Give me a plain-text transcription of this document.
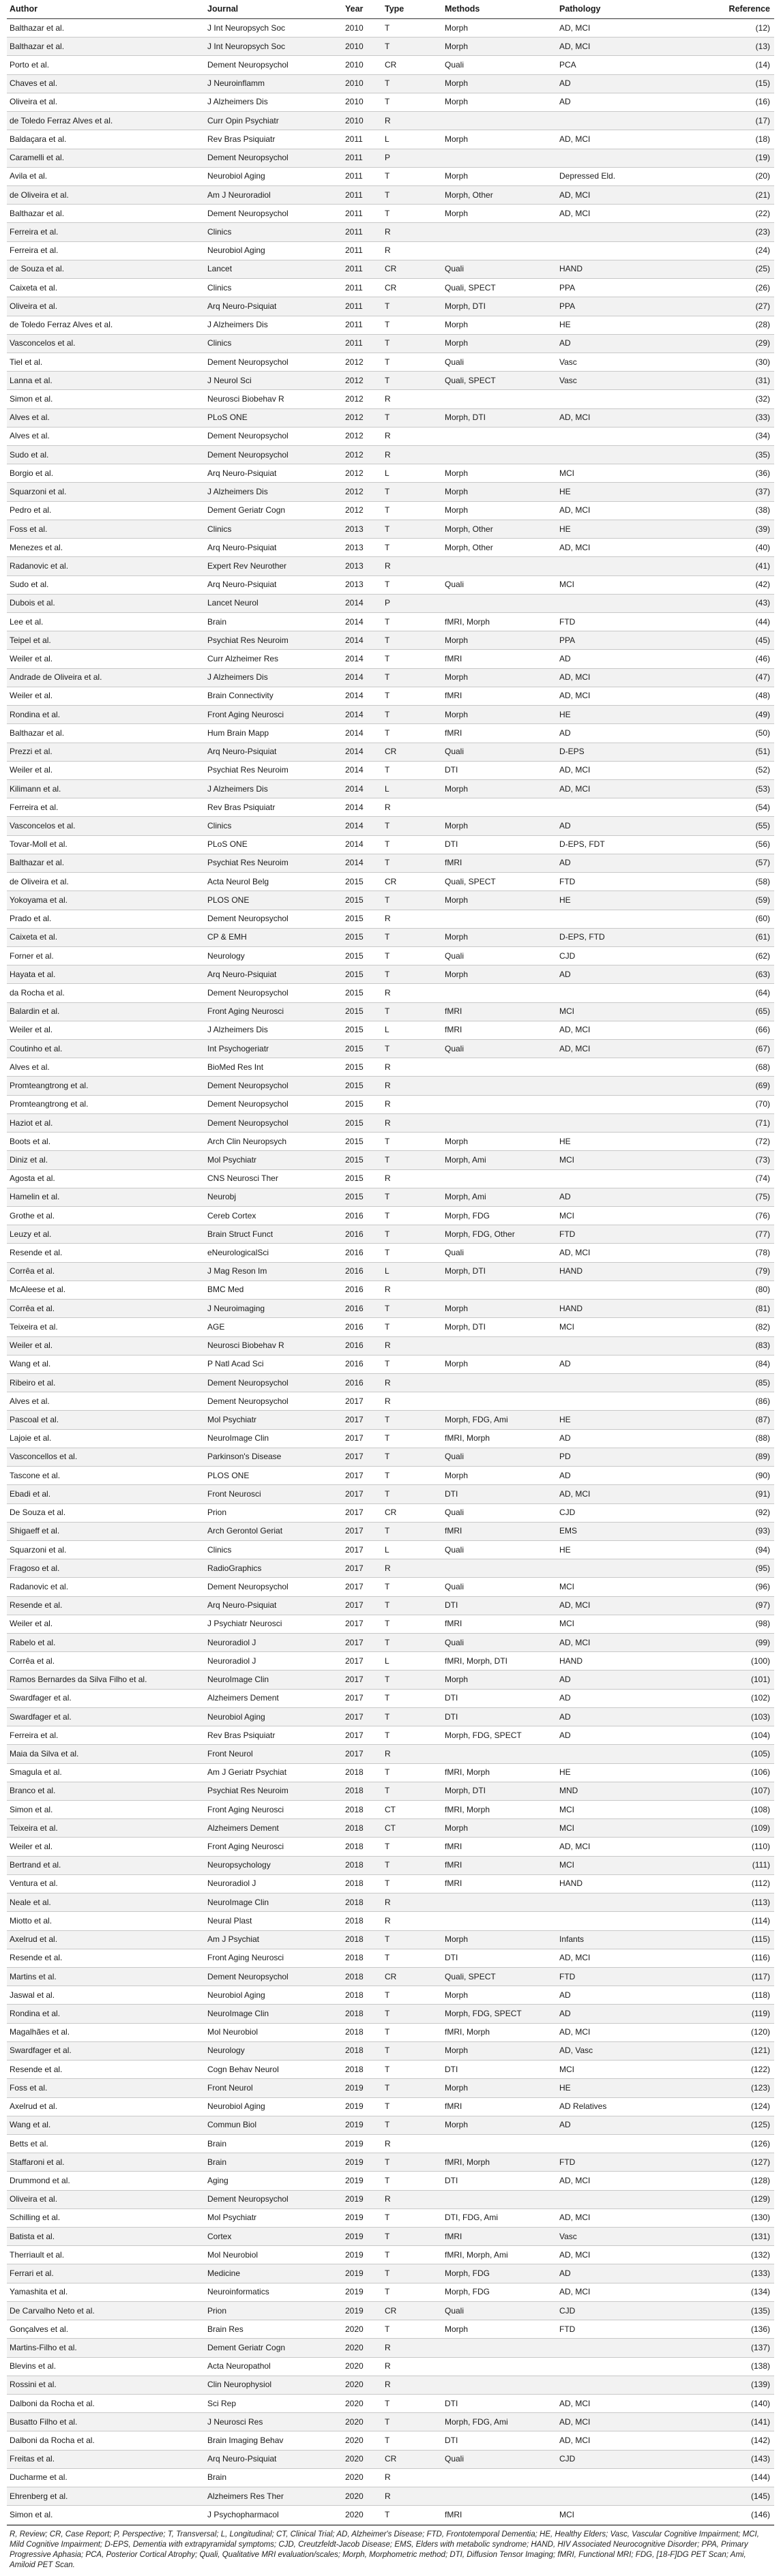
Author	Journal	Year	Type	Methods	Pathology	Reference
Balthazar et al.	J Int Neuropsych Soc	2010	T	Morph	AD, MCI	(12)
Balthazar et al.	J Int Neuropsych Soc	2010	T	Morph	AD, MCI	(13)
Porto et al.	Dement Neuropsychol	2010	CR	Quali	PCA	(14)
Chaves et al.	J Neuroinflamm	2010	T	Morph	AD	(15)
Oliveira et al.	J Alzheimers Dis	2010	T	Morph	AD	(16)
de Toledo Ferraz Alves et al.	Curr Opin Psychiatr	2010	R			(17)
Baldaçara et al.	Rev Bras Psiquiatr	2011	L	Morph	AD, MCI	(18)
Caramelli et al.	Dement Neuropsychol	2011	P			(19)
Avila et al.	Neurobiol Aging	2011	T	Morph	Depressed Eld.	(20)
de Oliveira et al.	Am J Neuroradiol	2011	T	Morph, Other	AD, MCI	(21)
Balthazar et al.	Dement Neuropsychol	2011	T	Morph	AD, MCI	(22)
Ferreira et al.	Clinics	2011	R			(23)
Ferreira et al.	Neurobiol Aging	2011	R			(24)
de Souza et al.	Lancet	2011	CR	Quali	HAND	(25)
Caixeta et al.	Clinics	2011	CR	Quali, SPECT	PPA	(26)
Oliveira et al.	Arq Neuro-Psiquiat	2011	T	Morph, DTI	PPA	(27)
de Toledo Ferraz Alves et al.	J Alzheimers Dis	2011	T	Morph	HE	(28)
Vasconcelos et al.	Clinics	2011	T	Morph	AD	(29)
Tiel et al.	Dement Neuropsychol	2012	T	Quali	Vasc	(30)
Lanna et al.	J Neurol Sci	2012	T	Quali, SPECT	Vasc	(31)
Simon et al.	Neurosci Biobehav R	2012	R			(32)
Alves et al.	PLoS ONE	2012	T	Morph, DTI	AD, MCI	(33)
Alves et al.	Dement Neuropsychol	2012	R			(34)
Sudo et al.	Dement Neuropsychol	2012	R			(35)
Borgio et al.	Arq Neuro-Psiquiat	2012	L	Morph	MCI	(36)
Squarzoni et al.	J Alzheimers Dis	2012	T	Morph	HE	(37)
Pedro et al.	Dement Geriatr Cogn	2012	T	Morph	AD, MCI	(38)
Foss et al.	Clinics	2013	T	Morph, Other	HE	(39)
Menezes et al.	Arq Neuro-Psiquiat	2013	T	Morph, Other	AD, MCI	(40)
Radanovic et al.	Expert Rev Neurother	2013	R			(41)
Sudo et al.	Arq Neuro-Psiquiat	2013	T	Quali	MCI	(42)
Dubois et al.	Lancet Neurol	2014	P			(43)
Lee et al.	Brain	2014	T	fMRI, Morph	FTD	(44)
Teipel et al.	Psychiat Res Neuroim	2014	T	Morph	PPA	(45)
Weiler et al.	Curr Alzheimer Res	2014	T	fMRI	AD	(46)
Andrade de Oliveira et al.	J Alzheimers Dis	2014	T	Morph	AD, MCI	(47)
Weiler et al.	Brain Connectivity	2014	T	fMRI	AD, MCI	(48)
Rondina et al.	Front Aging Neurosci	2014	T	Morph	HE	(49)
Balthazar et al.	Hum Brain Mapp	2014	T	fMRI	AD	(50)
Prezzi et al.	Arq Neuro-Psiquiat	2014	CR	Quali	D-EPS	(51)
Weiler et al.	Psychiat Res Neuroim	2014	T	DTI	AD, MCI	(52)
Kilimann et al.	J Alzheimers Dis	2014	L	Morph	AD, MCI	(53)
Ferreira et al.	Rev Bras Psiquiatr	2014	R			(54)
Vasconcelos et al.	Clinics	2014	T	Morph	AD	(55)
Tovar-Moll et al.	PLoS ONE	2014	T	DTI	D-EPS, FDT	(56)
Balthazar et al.	Psychiat Res Neuroim	2014	T	fMRI	AD	(57)
de Oliveira et al.	Acta Neurol Belg	2015	CR	Quali, SPECT	FTD	(58)
Yokoyama et al.	PLOS ONE	2015	T	Morph	HE	(59)
Prado et al.	Dement Neuropsychol	2015	R			(60)
Caixeta et al.	CP & EMH	2015	T	Morph	D-EPS, FTD	(61)
Forner et al.	Neurology	2015	T	Quali	CJD	(62)
Hayata et al.	Arq Neuro-Psiquiat	2015	T	Morph	AD	(63)
da Rocha et al.	Dement Neuropsychol	2015	R			(64)
Balardin et al.	Front Aging Neurosci	2015	T	fMRI	MCI	(65)
Weiler et al.	J Alzheimers Dis	2015	L	fMRI	AD, MCI	(66)
Coutinho et al.	Int Psychogeriatr	2015	T	Quali	AD, MCI	(67)
Alves et al.	BioMed Res Int	2015	R			(68)
Promteangtrong et al.	Dement Neuropsychol	2015	R			(69)
Promteangtrong et al.	Dement Neuropsychol	2015	R			(70)
Haziot et al.	Dement Neuropsychol	2015	R			(71)
Boots et al.	Arch Clin Neuropsych	2015	T	Morph	HE	(72)
Diniz et al.	Mol Psychiatr	2015	T	Morph, Ami	MCI	(73)
Agosta et al.	CNS Neurosci Ther	2015	R			(74)
Hamelin et al.	Neurobj	2015	T	Morph, Ami	AD	(75)
Grothe et al.	Cereb Cortex	2016	T	Morph, FDG	MCI	(76)
Leuzy et al.	Brain Struct Funct	2016	T	Morph, FDG, Other	FTD	(77)
Resende et al.	eNeurologicalSci	2016	T	Quali	AD, MCI	(78)
Corrêa et al.	J Mag Reson Im	2016	L	Morph, DTI	HAND	(79)
McAleese et al.	BMC Med	2016	R			(80)
Corrêa et al.	J Neuroimaging	2016	T	Morph	HAND	(81)
Teixeira et al.	AGE	2016	T	Morph, DTI	MCI	(82)
Weiler et al.	Neurosci Biobehav R	2016	R			(83)
Wang et al.	P Natl Acad Sci	2016	T	Morph	AD	(84)
Ribeiro et al.	Dement Neuropsychol	2016	R			(85)
Alves et al.	Dement Neuropsychol	2017	R			(86)
Pascoal et al.	Mol Psychiatr	2017	T	Morph, FDG, Ami	HE	(87)
Lajoie et al.	NeuroImage Clin	2017	T	fMRI, Morph	AD	(88)
Vasconcellos et al.	Parkinson's Disease	2017	T	Quali	PD	(89)
Tascone et al.	PLOS ONE	2017	T	Morph	AD	(90)
Ebadi et al.	Front Neurosci	2017	T	DTI	AD, MCI	(91)
De Souza et al.	Prion	2017	CR	Quali	CJD	(92)
Shigaeff et al.	Arch Gerontol Geriat	2017	T	fMRI	EMS	(93)
Squarzoni et al.	Clinics	2017	L	Quali	HE	(94)
Fragoso et al.	RadioGraphics	2017	R			(95)
Radanovic et al.	Dement Neuropsychol	2017	T	Quali	MCI	(96)
Resende et al.	Arq Neuro-Psiquiat	2017	T	DTI	AD, MCI	(97)
Weiler et al.	J Psychiatr Neurosci	2017	T	fMRI	MCI	(98)
Rabelo et al.	Neuroradiol J	2017	T	Quali	AD, MCI	(99)
Corrêa et al.	Neuroradiol J	2017	L	fMRI, Morph, DTI	HAND	(100)
Ramos Bernardes da Silva Filho et al.	NeuroImage Clin	2017	T	Morph	AD	(101)
Swardfager et al.	Alzheimers Dement	2017	T	DTI	AD	(102)
Swardfager et al.	Neurobiol Aging	2017	T	DTI	AD	(103)
Ferreira et al.	Rev Bras Psiquiatr	2017	T	Morph, FDG, SPECT	AD	(104)
Maia da Silva et al.	Front Neurol	2017	R			(105)
Smagula et al.	Am J Geriatr Psychiat	2018	T	fMRI, Morph	HE	(106)
Branco et al.	Psychiat Res Neuroim	2018	T	Morph, DTI	MND	(107)
Simon et al.	Front Aging Neurosci	2018	CT	fMRI, Morph	MCI	(108)
Teixeira et al.	Alzheimers Dement	2018	CT	Morph	MCI	(109)
Weiler et al.	Front Aging Neurosci	2018	T	fMRI	AD, MCI	(110)
Bertrand et al.	Neuropsychology	2018	T	fMRI	MCI	(111)
Ventura et al.	Neuroradiol J	2018	T	fMRI	HAND	(112)
Neale et al.	NeuroImage Clin	2018	R			(113)
Miotto et al.	Neural Plast	2018	R			(114)
Axelrud et al.	Am J Psychiat	2018	T	Morph	Infants	(115)
Resende et al.	Front Aging Neurosci	2018	T	DTI	AD, MCI	(116)
Martins et al.	Dement Neuropsychol	2018	CR	Quali, SPECT	FTD	(117)
Jaswal et al.	Neurobiol Aging	2018	T	Morph	AD	(118)
Rondina et al.	NeuroImage Clin	2018	T	Morph, FDG, SPECT	AD	(119)
Magalhães et al.	Mol Neurobiol	2018	T	fMRI, Morph	AD, MCI	(120)
Swardfager et al.	Neurology	2018	T	Morph	AD, Vasc	(121)
Resende et al.	Cogn Behav Neurol	2018	T	DTI	MCI	(122)
Foss et al.	Front Neurol	2019	T	Morph	HE	(123)
Axelrud et al.	Neurobiol Aging	2019	T	fMRI	AD Relatives	(124)
Wang et al.	Commun Biol	2019	T	Morph	AD	(125)
Betts et al.	Brain	2019	R			(126)
Staffaroni et al.	Brain	2019	T	fMRI, Morph	FTD	(127)
Drummond et al.	Aging	2019	T	DTI	AD, MCI	(128)
Oliveira et al.	Dement Neuropsychol	2019	R			(129)
Schilling et al.	Mol Psychiatr	2019	T	DTI, FDG, Ami	AD, MCI	(130)
Batista et al.	Cortex	2019	T	fMRI	Vasc	(131)
Therriault et al.	Mol Neurobiol	2019	T	fMRI, Morph, Ami	AD, MCI	(132)
Ferrari et al.	Medicine	2019	T	Morph, FDG	AD	(133)
Yamashita et al.	Neuroinformatics	2019	T	Morph, FDG	AD, MCI	(134)
De Carvalho Neto et al.	Prion	2019	CR	Quali	CJD	(135)
Gonçalves et al.	Brain Res	2020	T	Morph	FTD	(136)
Martins-Filho et al.	Dement Geriatr Cogn	2020	R			(137)
Blevins et al.	Acta Neuropathol	2020	R			(138)
Rossini et al.	Clin Neurophysiol	2020	R			(139)
Dalboni da Rocha et al.	Sci Rep	2020	T	DTI	AD, MCI	(140)
Busatto Filho et al.	J Neurosci Res	2020	T	Morph, FDG, Ami	AD, MCI	(141)
Dalboni da Rocha et al.	Brain Imaging Behav	2020	T	DTI	AD, MCI	(142)
Freitas et al.	Arq Neuro-Psiquiat	2020	CR	Quali	CJD	(143)
Ducharme et al.	Brain	2020	R			(144)
Ehrenberg et al.	Alzheimers Res Ther	2020	R			(145)
Simon et al.	J Psychopharmacol	2020	T	fMRI	MCI	(146)
R, Review; CR, Case Report; P, Perspective; T, Transversal; L, Longitudinal; CT, Clinical Trial; AD, Alzheimer's Disease; FTD, Frontotemporal Dementia; HE, Healthy Elders; Vasc, Vascular Cognitive Impairment; MCI, Mild Cognitive Impairment; D-EPS, Dementia with extrapyramidal symptoms; CJD, Creutzfeldt-Jacob Disease; EMS, Elders with metabolic syndrome; HAND, HIV Associated Neurocognitive Disorder; PPA, Primary Progressive Aphasia; PCA, Posterior Cortical Atrophy; Quali, Qualitative MRI evaluation/scales; Morph, Morphometric method; DTI, Diffusion Tensor Imaging; fMRI, Functional MRI; FDG, [18-F]DG PET Scan; Ami, Amiloid PET Scan.
